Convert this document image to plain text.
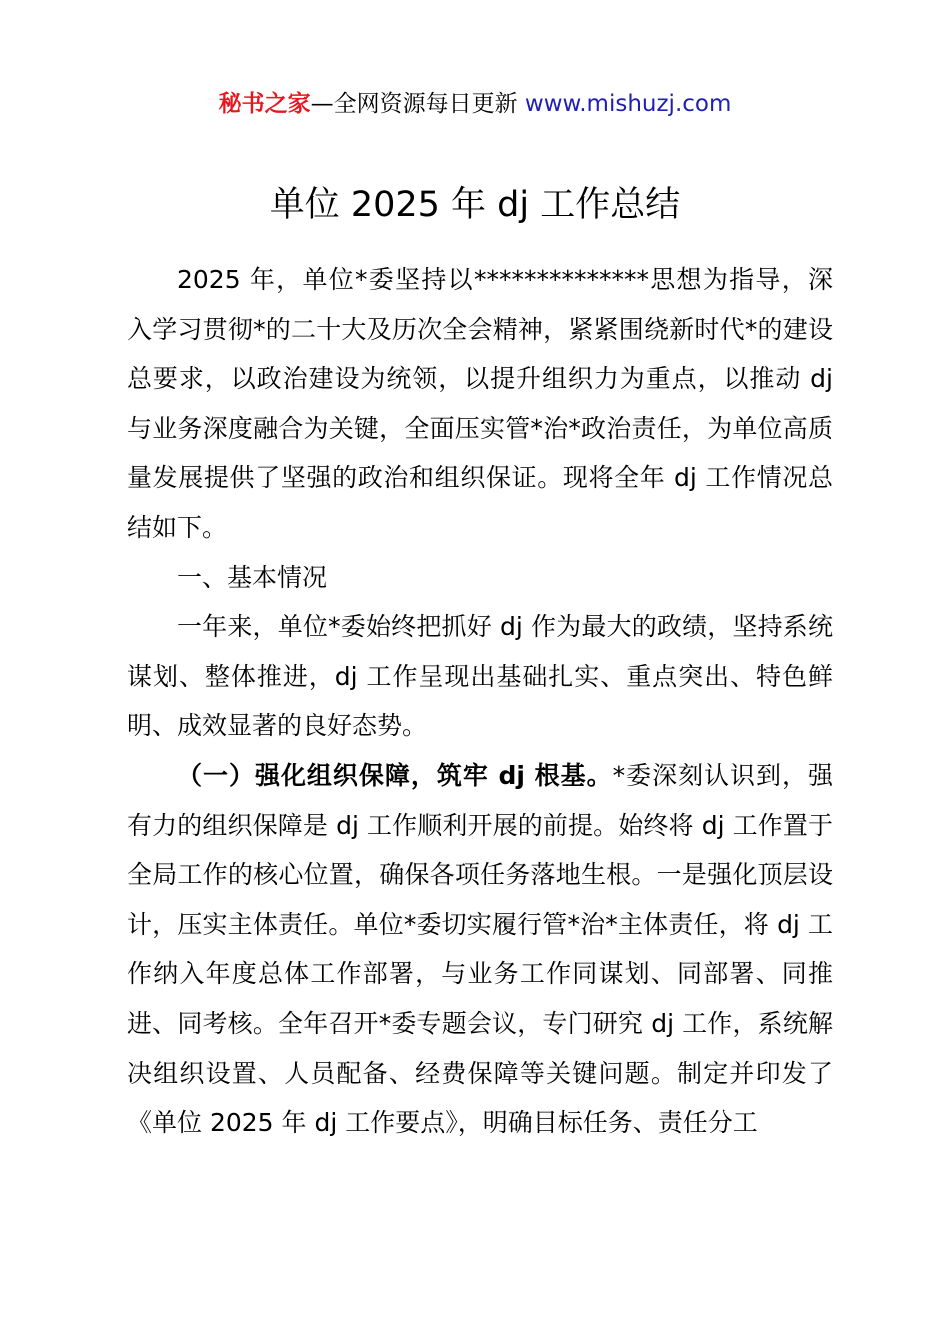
秘书之家—全网资源每日更新 www.mishuzj.com
单位 2025 年 dj 工作总结

2025 年，单位*委坚持以**************思想为指导，深入学习贯彻*的二十大及历次全会精神，紧紧围绕新时代*的建设总要求，以政治建设为统领，以提升组织力为重点，以推动 dj 与业务深度融合为关键，全面压实管*治*政治责任，为单位高质量发展提供了坚强的政治和组织保证。现将全年 dj 工作情况总结如下。

一、基本情况

一年来，单位*委始终把抓好 dj 作为最大的政绩，坚持系统谋划、整体推进，dj 工作呈现出基础扎实、重点突出、特色鲜明、成效显著的良好态势。

（一）强化组织保障，筑牢 dj 根基。*委深刻认识到，强有力的组织保障是 dj 工作顺利开展的前提。始终将 dj 工作置于全局工作的核心位置，确保各项任务落地生根。一是强化顶层设计，压实主体责任。单位*委切实履行管*治*主体责任，将 dj 工作纳入年度总体工作部署，与业务工作同谋划、同部署、同推进、同考核。全年召开*委专题会议，专门研究 dj 工作，系统解决组织设置、人员配备、经费保障等关键问题。制定并印发了《单位 2025 年 dj 工作要点》，明确目标任务、责任分工
